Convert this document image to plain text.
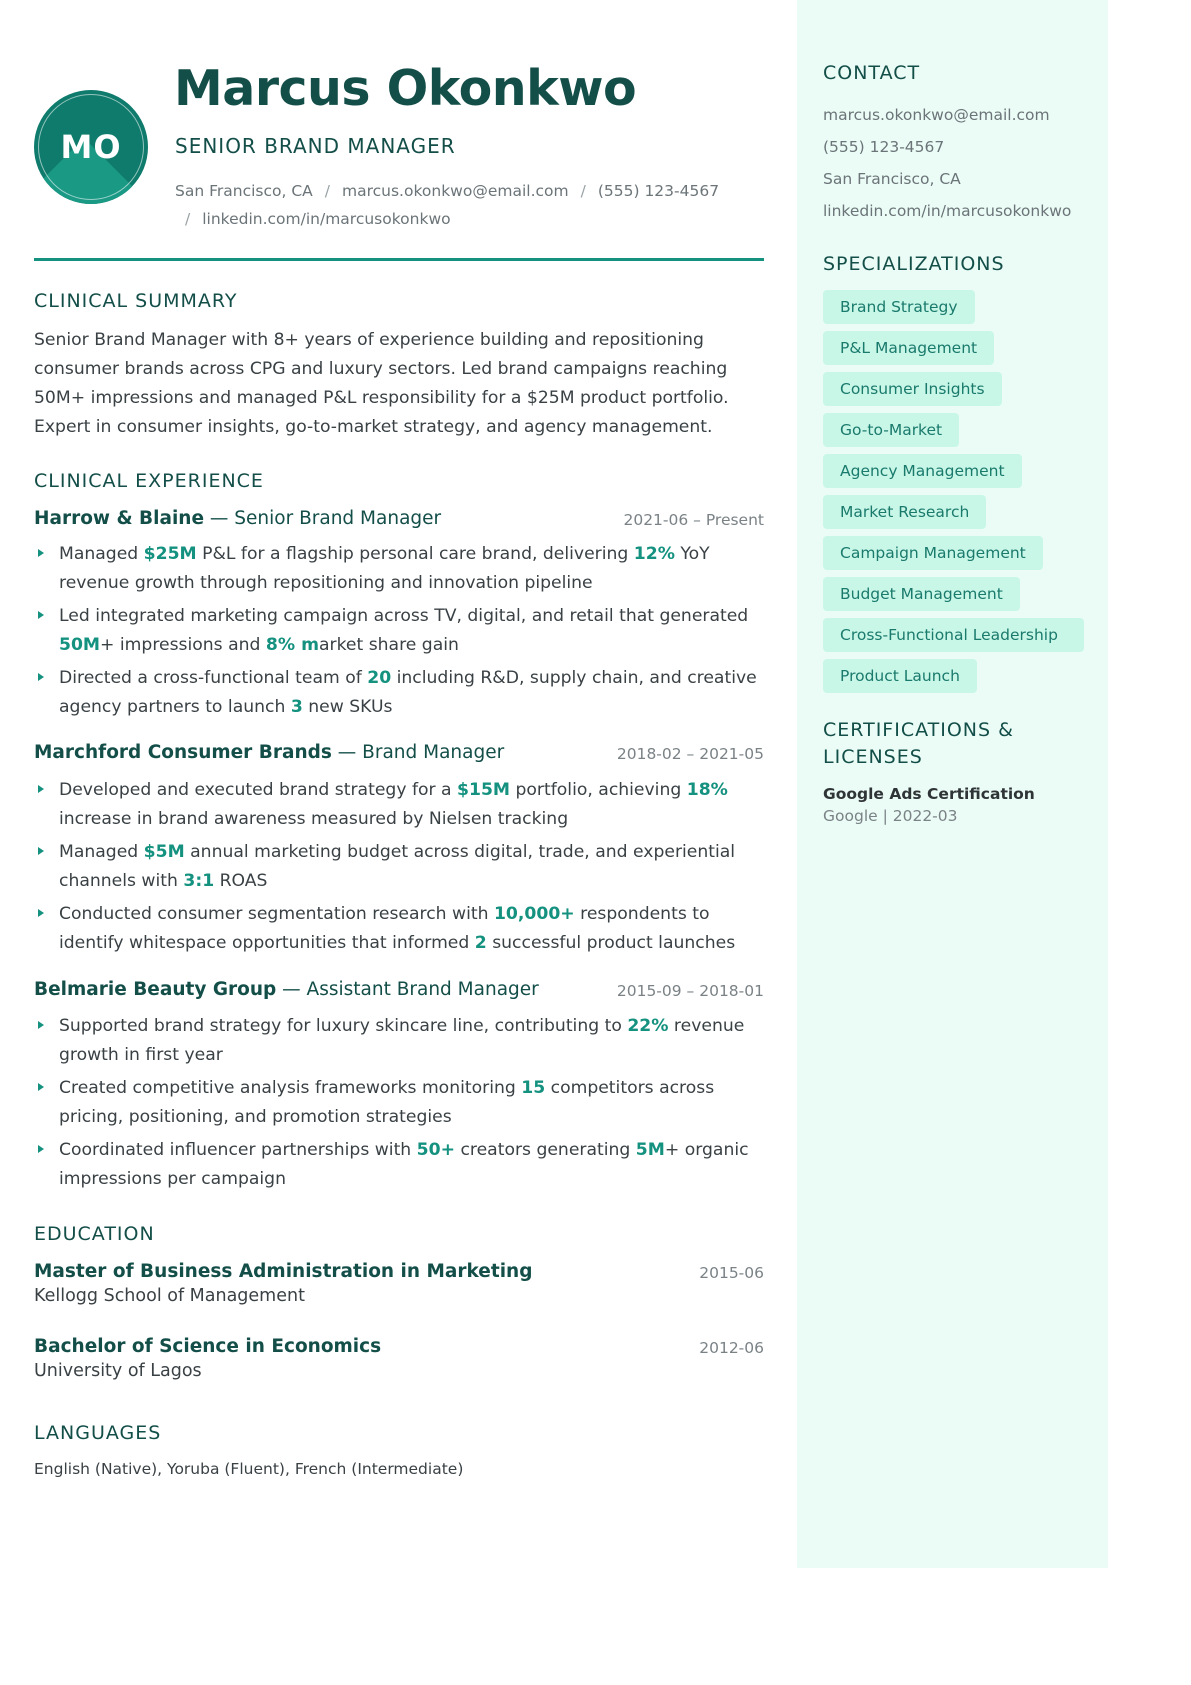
MO
Marcus Okonkwo
SENIOR BRAND MANAGER
San Francisco, CA / marcus.okonkwo@email.com / (555) 123-4567
/ linkedin.com/in/marcusokonkwo
CLINICAL SUMMARY
Senior Brand Manager with 8+ years of experience building and repositioning consumer brands across CPG and luxury sectors. Led brand campaigns reaching 50M+ impressions and managed P&L responsibility for a $25M product portfolio. Expert in consumer insights, go-to-market strategy, and agency management.
CLINICAL EXPERIENCE
Harrow & Blaine — Senior Brand Manager	2021-06 – Present
Managed $25M P&L for a flagship personal care brand, delivering 12% YoY revenue growth through repositioning and innovation pipeline
Led integrated marketing campaign across TV, digital, and retail that generated 50M+ impressions and 8% market share gain
Directed a cross-functional team of 20 including R&D, supply chain, and creative agency partners to launch 3 new SKUs
Marchford Consumer Brands — Brand Manager	2018-02 – 2021-05
Developed and executed brand strategy for a $15M portfolio, achieving 18% increase in brand awareness measured by Nielsen tracking
Managed $5M annual marketing budget across digital, trade, and experiential channels with 3:1 ROAS
Conducted consumer segmentation research with 10,000+ respondents to identify whitespace opportunities that informed 2 successful product launches
Belmarie Beauty Group — Assistant Brand Manager	2015-09 – 2018-01
Supported brand strategy for luxury skincare line, contributing to 22% revenue growth in first year
Created competitive analysis frameworks monitoring 15 competitors across pricing, positioning, and promotion strategies
Coordinated influencer partnerships with 50+ creators generating 5M+ organic impressions per campaign
EDUCATION
Master of Business Administration in Marketing	2015-06
Kellogg School of Management
Bachelor of Science in Economics	2012-06
University of Lagos
LANGUAGES
English (Native), Yoruba (Fluent), French (Intermediate)
CONTACT
marcus.okonkwo@email.com
(555) 123-4567
San Francisco, CA
linkedin.com/in/marcusokonkwo
SPECIALIZATIONS
Brand Strategy
P&L Management
Consumer Insights
Go-to-Market
Agency Management
Market Research
Campaign Management
Budget Management
Cross-Functional Leadership
Product Launch
CERTIFICATIONS & LICENSES
Google Ads Certification
Google | 2022-03
